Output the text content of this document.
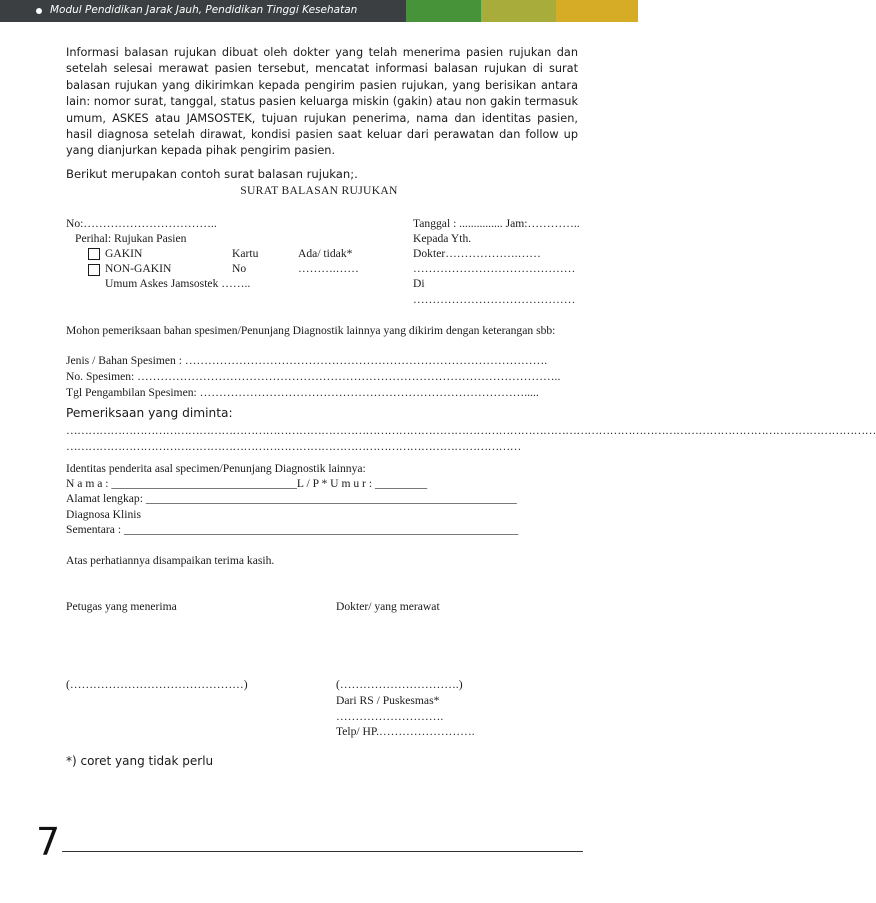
Modul Pendidikan Jarak Jauh, Pendidikan Tinggi Kesehatan
Informasi balasan rujukan dibuat oleh dokter yang telah menerima pasien rujukan dan setelah selesai merawat pasien tersebut, mencatat informasi balasan rujukan di surat balasan rujukan yang dikirimkan kepada pengirim pasien rujukan, yang berisikan antara lain: nomor surat, tanggal, status pasien keluarga miskin (gakin) atau non gakin termasuk umum, ASKES atau JAMSOSTEK, tujuan rujukan penerima, nama dan identitas pasien, hasil diagnosa setelah dirawat, kondisi pasien saat keluar dari perawatan dan follow up yang dianjurkan kepada pihak pengirim pasien.
Berikut merupakan contoh surat balasan rujukan;.
SURAT BALASAN RUJUKAN
No:……………………………..
Perihal: Rujukan Pasien
GAKIN	Kartu	Ada/ tidak*
NON-GAKIN	No	……….……
Umum Askes Jamsostek ……..
Tanggal : ............... Jam:…………..
Kepada Yth.
Dokter……………….……
……………………………………
Di
……………………………………
Mohon pemeriksaan bahan spesimen/Penunjang Diagnostik lainnya yang dikirim dengan keterangan sbb:
Jenis / Bahan Spesimen : ………………………………………………………………………………….
No. Spesimen: ………………………………………………………………………………………………..
Tgl Pengambilan Spesimen: ………………………………………………………………………….....
Pemeriksaan yang diminta:
…………………………………………………………………………………………………………………………………………………………………………………………………
……………………………………………………………………………………………………………
Identitas penderita asal specimen/Penunjang Diagnostik lainnya:
N a m a : ________________________________L / P * U m u r : _________
Alamat lengkap: ________________________________________________________________
Diagnosa Klinis
Sementara : ____________________________________________________________________
Atas perhatiannya disampaikan terima kasih.
Petugas yang menerima	Dokter/ yang merawat
(………………………………………)	(………………………….)
Dari RS / Puskesmas*
……………………….
Telp/ HP.…………………….
*) coret yang tidak perlu
7
